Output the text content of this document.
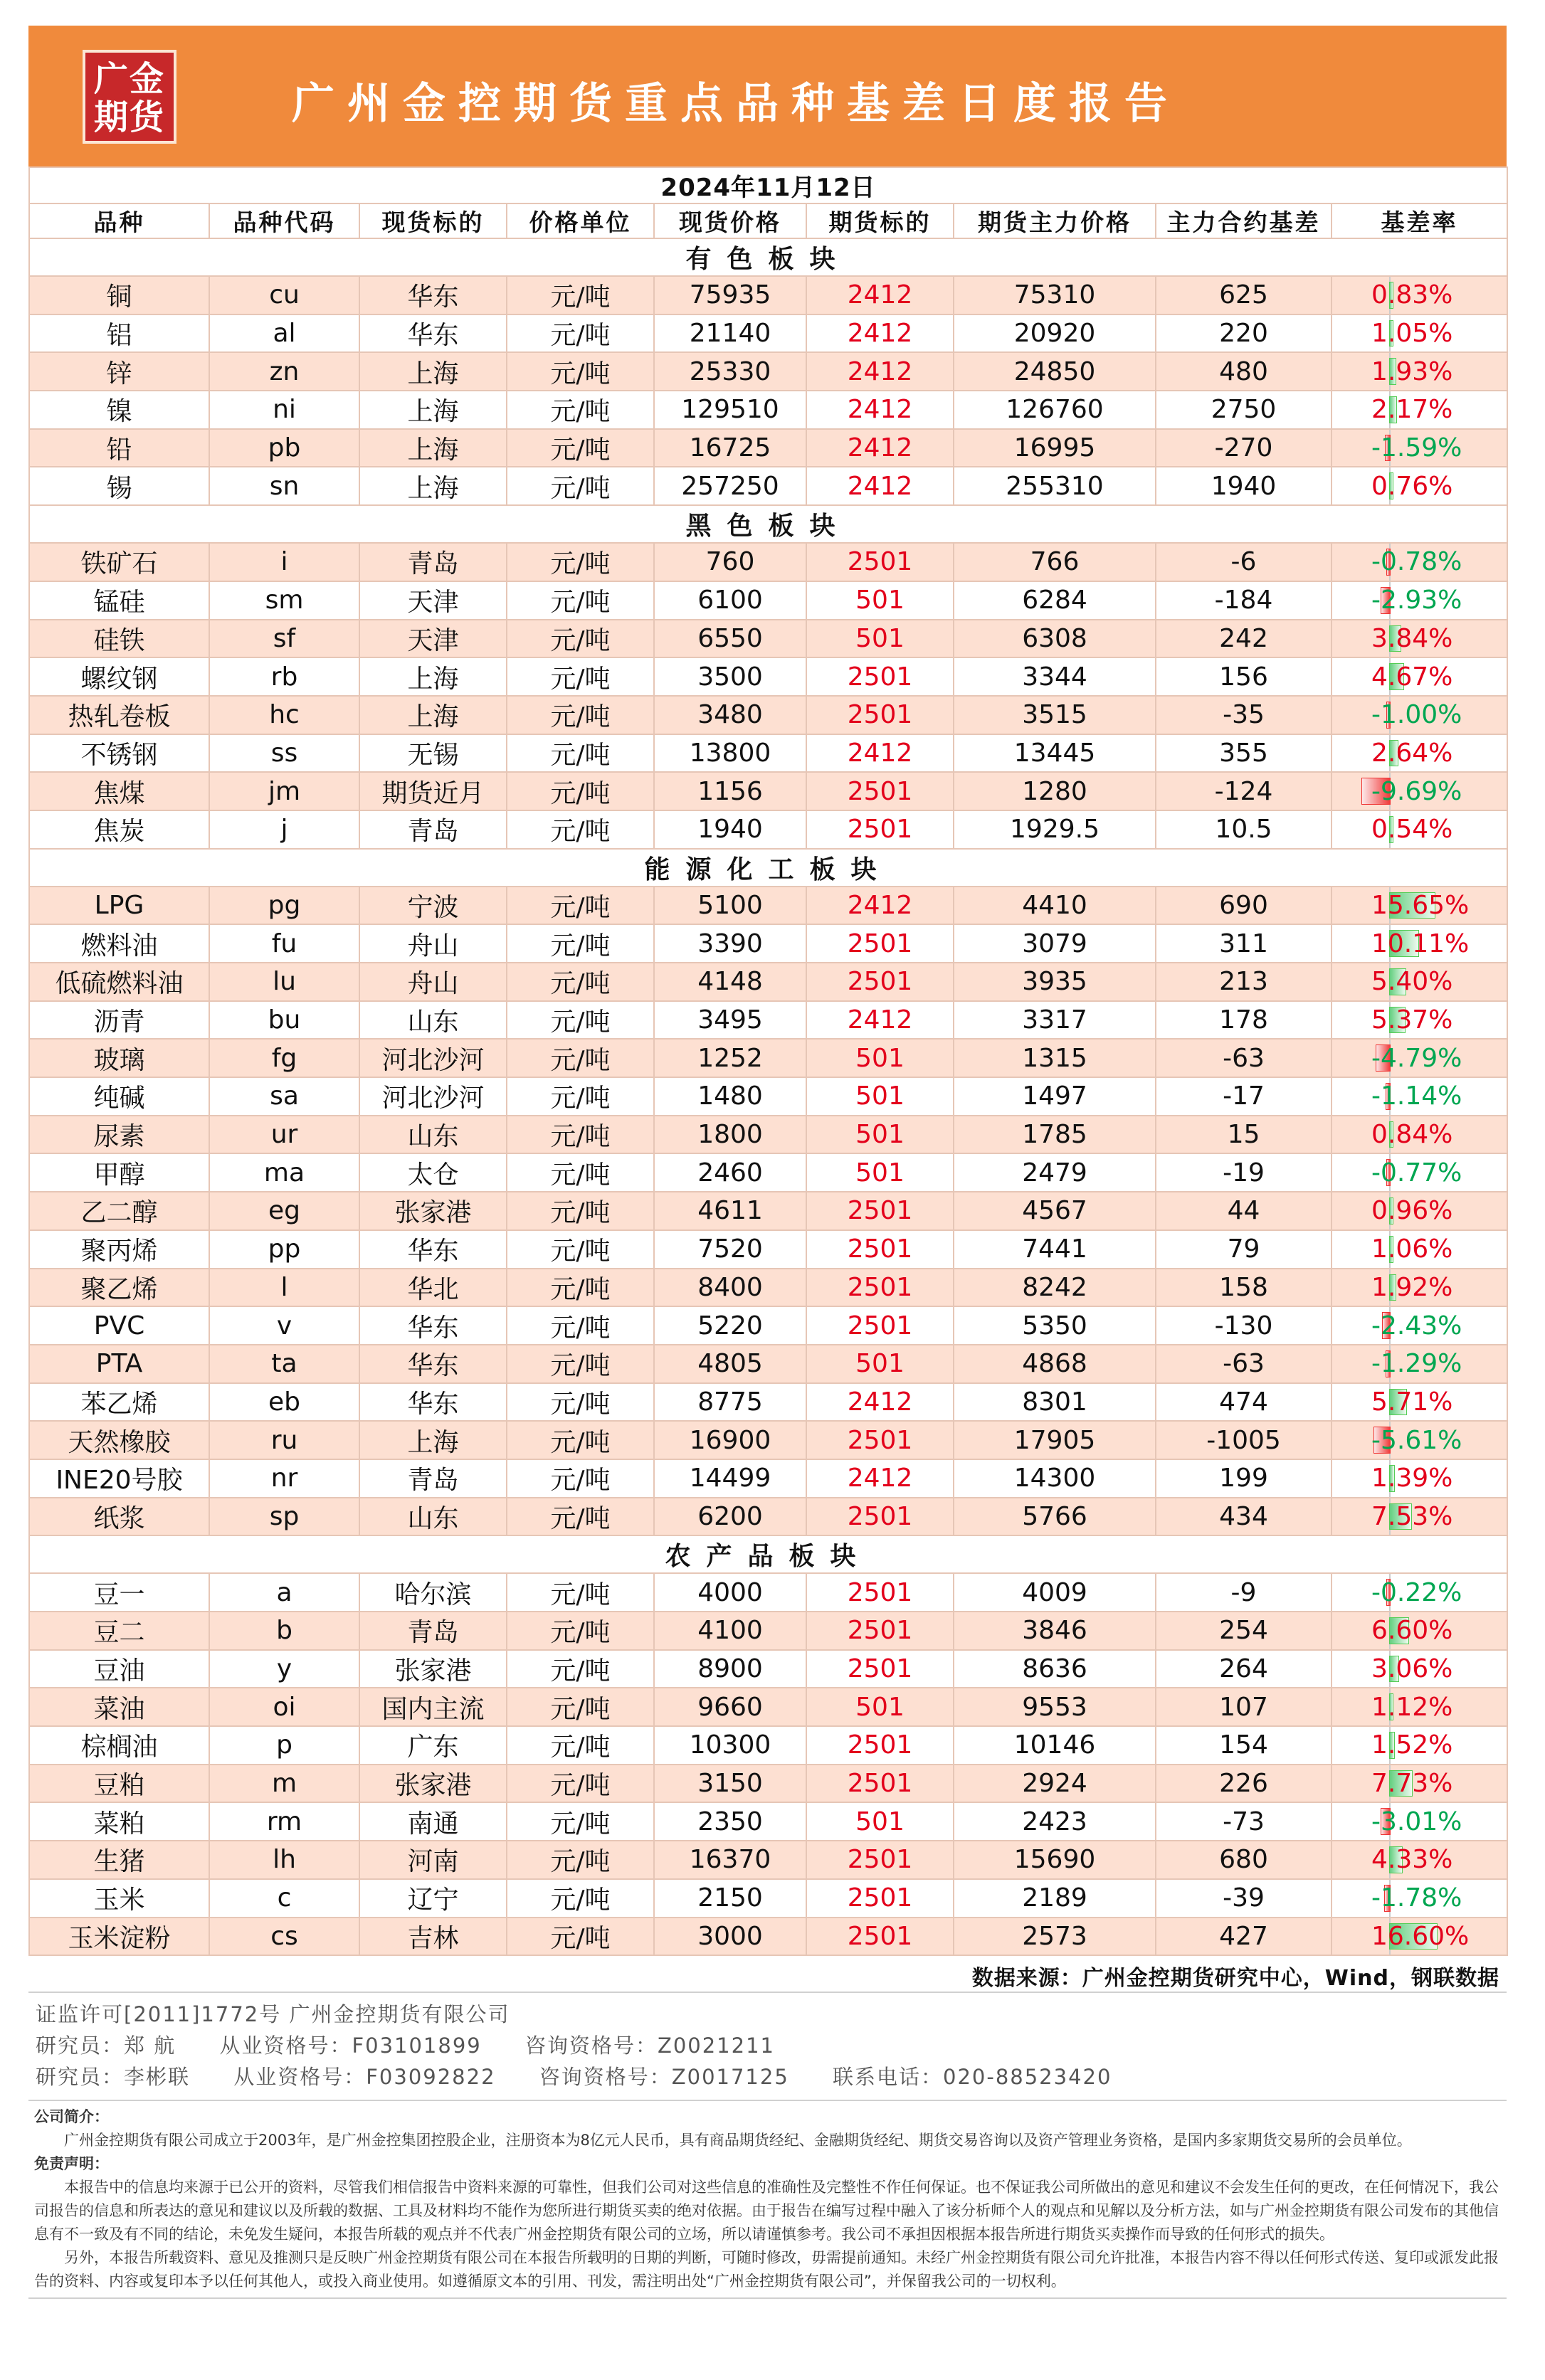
广金
期货	广州金控期货重点品种基差日度报告
2024年11月12日								
品种	品种代码	现货标的	价格单位	现货价格	期货标的	期货主力价格	主力合约基差	基差率
有色板块								
铜	cu	华东	元/吨	75935	2412	75310	625	0.83%
铝	al	华东	元/吨	21140	2412	20920	220	1.05%
锌	zn	上海	元/吨	25330	2412	24850	480	1.93%
镍	ni	上海	元/吨	129510	2412	126760	2750	2.17%
铅	pb	上海	元/吨	16725	2412	16995	-270	-1.59%
锡	sn	上海	元/吨	257250	2412	255310	1940	0.76%
黑色板块								
铁矿石	i	青岛	元/吨	760	2501	766	-6	-0.78%
锰硅	sm	天津	元/吨	6100	501	6284	-184	-2.93%
硅铁	sf	天津	元/吨	6550	501	6308	242	3.84%
螺纹钢	rb	上海	元/吨	3500	2501	3344	156	4.67%
热轧卷板	hc	上海	元/吨	3480	2501	3515	-35	-1.00%
不锈钢	ss	无锡	元/吨	13800	2412	13445	355	2.64%
焦煤	jm	期货近月	元/吨	1156	2501	1280	-124	-9.69%
焦炭	j	青岛	元/吨	1940	2501	1929.5	10.5	0.54%
能源化工板块								
LPG	pg	宁波	元/吨	5100	2412	4410	690	15.65%
燃料油	fu	舟山	元/吨	3390	2501	3079	311	10.11%
低硫燃料油	lu	舟山	元/吨	4148	2501	3935	213	5.40%
沥青	bu	山东	元/吨	3495	2412	3317	178	5.37%
玻璃	fg	河北沙河	元/吨	1252	501	1315	-63	-4.79%
纯碱	sa	河北沙河	元/吨	1480	501	1497	-17	-1.14%
尿素	ur	山东	元/吨	1800	501	1785	15	0.84%
甲醇	ma	太仓	元/吨	2460	501	2479	-19	-0.77%
乙二醇	eg	张家港	元/吨	4611	2501	4567	44	0.96%
聚丙烯	pp	华东	元/吨	7520	2501	7441	79	1.06%
聚乙烯	l	华北	元/吨	8400	2501	8242	158	1.92%
PVC	v	华东	元/吨	5220	2501	5350	-130	-2.43%
PTA	ta	华东	元/吨	4805	501	4868	-63	-1.29%
苯乙烯	eb	华东	元/吨	8775	2412	8301	474	5.71%
天然橡胶	ru	上海	元/吨	16900	2501	17905	-1005	-5.61%
INE20号胶	nr	青岛	元/吨	14499	2412	14300	199	1.39%
纸浆	sp	山东	元/吨	6200	2501	5766	434	7.53%
农产品板块								
豆一	a	哈尔滨	元/吨	4000	2501	4009	-9	-0.22%
豆二	b	青岛	元/吨	4100	2501	3846	254	6.60%
豆油	y	张家港	元/吨	8900	2501	8636	264	3.06%
菜油	oi	国内主流	元/吨	9660	501	9553	107	1.12%
棕榈油	p	广东	元/吨	10300	2501	10146	154	1.52%
豆粕	m	张家港	元/吨	3150	2501	2924	226	7.73%
菜粕	rm	南通	元/吨	2350	501	2423	-73	-3.01%
生猪	lh	河南	元/吨	16370	2501	15690	680	4.33%
玉米	c	辽宁	元/吨	2150	2501	2189	-39	-1.78%
玉米淀粉	cs	吉林	元/吨	3000	2501	2573	427	16.60%
数据来源：广州金控期货研究中心，Wind，钢联数据
证监许可[2011]1772号 广州金控期货有限公司
研究员：郑 航 从业资格号：F03101899 咨询资格号：Z0021211
研究员：李彬联 从业资格号：F03092822 咨询资格号：Z0017125 联系电话：020-88523420

公司简介：

广州金控期货有限公司成立于2003年，是广州金控集团控股企业，注册资本为8亿元人民币，具有商品期货经纪、金融期货经纪、期货交易咨询以及资产管理业务资格，是国内多家期货交易所的会员单位。

免责声明：

本报告中的信息均来源于已公开的资料，尽管我们相信报告中资料来源的可靠性，但我们公司对这些信息的准确性及完整性不作任何保证。也不保证我公司所做出的意见和建议不会发生任何的更改，在任何情况下，我公司报告的信息和所表达的意见和建议以及所载的数据、工具及材料均不能作为您所进行期货买卖的绝对依据。由于报告在编写过程中融入了该分析师个人的观点和见解以及分析方法，如与广州金控期货有限公司发布的其他信息有不一致及有不同的结论，未免发生疑问，本报告所载的观点并不代表广州金控期货有限公司的立场，所以请谨慎参考。我公司不承担因根据本报告所进行期货买卖操作而导致的任何形式的损失。

另外，本报告所载资料、意见及推测只是反映广州金控期货有限公司在本报告所载明的日期的判断，可随时修改，毋需提前通知。未经广州金控期货有限公司允许批准，本报告内容不得以任何形式传送、复印或派发此报告的资料、内容或复印本予以任何其他人，或投入商业使用。如遵循原文本的引用、刊发，需注明出处“广州金控期货有限公司”，并保留我公司的一切权利。
